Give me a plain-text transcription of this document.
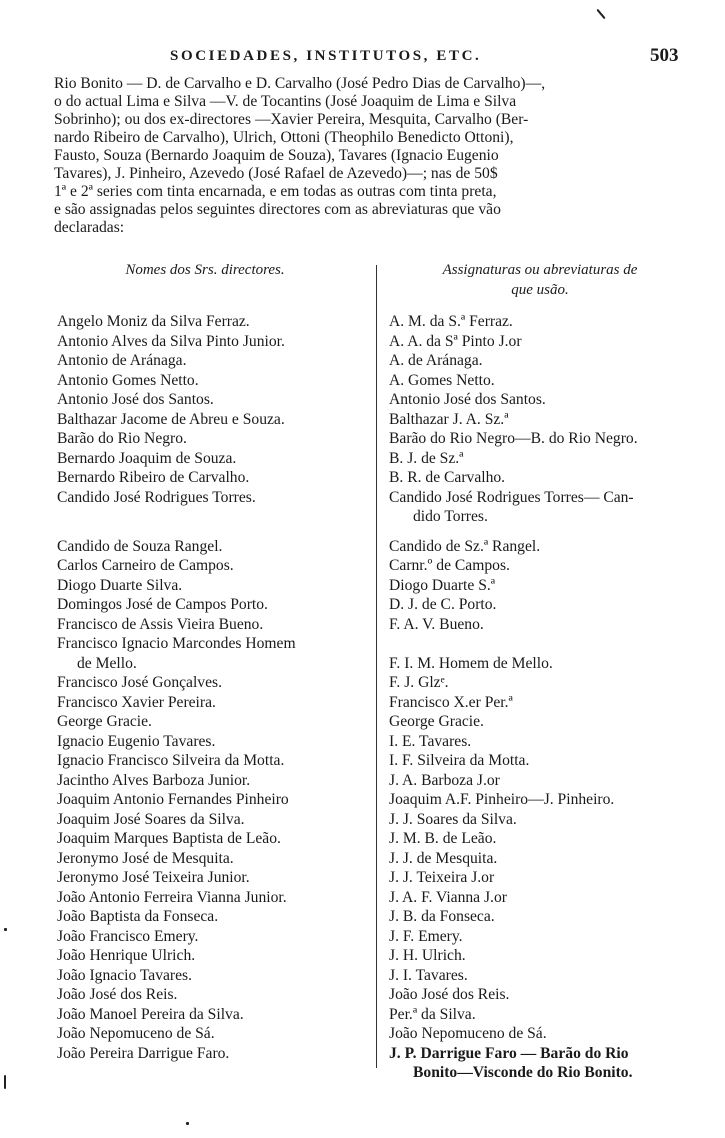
SOCIEDADES, INSTITUTOS, ETC.	503
Rio Bonito — D. de Carvalho e D. Carvalho (José Pedro Dias de Carvalho)—,
o do actual Lima e Silva —V. de Tocantins (José Joaquim de Lima e Silva
Sobrinho); ou dos ex-directores —Xavier Pereira, Mesquita, Carvalho (Ber-
nardo Ribeiro de Carvalho), Ulrich, Ottoni (Theophilo Benedicto Ottoni),
Fausto, Souza (Bernardo Joaquim de Souza), Tavares (Ignacio Eugenio
Tavares), J. Pinheiro, Azevedo (José Rafael de Azevedo)—; nas de 50$
1ª e 2ª series com tinta encarnada, e em todas as outras com tinta preta,
e são assignadas pelos seguintes directores com as abreviaturas que vão
declaradas:
Nomes dos Srs. directores.	Assignaturas ou abreviaturas de
que usão.
Angelo Moniz da Silva Ferraz.	A. M. da S.ª Ferraz.
Antonio Alves da Silva Pinto Junior.	A. A. da Sª Pinto J.or
Antonio de Aránaga.	A. de Aránaga.
Antonio Gomes Netto.	A. Gomes Netto.
Antonio José dos Santos.	Antonio José dos Santos.
Balthazar Jacome de Abreu e Souza.	Balthazar J. A. Sz.ª
Barão do Rio Negro.	Barão do Rio Negro—B. do Rio Negro.
Bernardo Joaquim de Souza.	B. J. de Sz.ª
Bernardo Ribeiro de Carvalho.	B. R. de Carvalho.
Candido José Rodrigues Torres.	Candido José Rodrigues Torres— Can-
dido Torres.
Candido de Souza Rangel.	Candido de Sz.ª Rangel.
Carlos Carneiro de Campos.	Carnr.º de Campos.
Diogo Duarte Silva.	Diogo Duarte S.ª
Domingos José de Campos Porto.	D. J. de C. Porto.
Francisco de Assis Vieira Bueno.	F. A. V. Bueno.
Francisco Ignacio Marcondes Homem
de Mello.	F. I. M. Homem de Mello.
Francisco José Gonçalves.	F. J. Glzᵉ.
Francisco Xavier Pereira.	Francisco X.er Per.ª
George Gracie.	George Gracie.
Ignacio Eugenio Tavares.	I. E. Tavares.
Ignacio Francisco Silveira da Motta.	I. F. Silveira da Motta.
Jacintho Alves Barboza Junior.	J. A. Barboza J.or
Joaquim Antonio Fernandes Pinheiro	Joaquim A.F. Pinheiro—J. Pinheiro.
Joaquim José Soares da Silva.	J. J. Soares da Silva.
Joaquim Marques Baptista de Leão.	J. M. B. de Leão.
Jeronymo José de Mesquita.	J. J. de Mesquita.
Jeronymo José Teixeira Junior.	J. J. Teixeira J.or
João Antonio Ferreira Vianna Junior.	J. A. F. Vianna J.or
João Baptista da Fonseca.	J. B. da Fonseca.
João Francisco Emery.	J. F. Emery.
João Henrique Ulrich.	J. H. Ulrich.
João Ignacio Tavares.	J. I. Tavares.
João José dos Reis.	João José dos Reis.
João Manoel Pereira da Silva.	Per.ª da Silva.
João Nepomuceno de Sá.	João Nepomuceno de Sá.
João Pereira Darrigue Faro.	J. P. Darrigue Faro — Barão do Rio
Bonito—Visconde do Rio Bonito.
